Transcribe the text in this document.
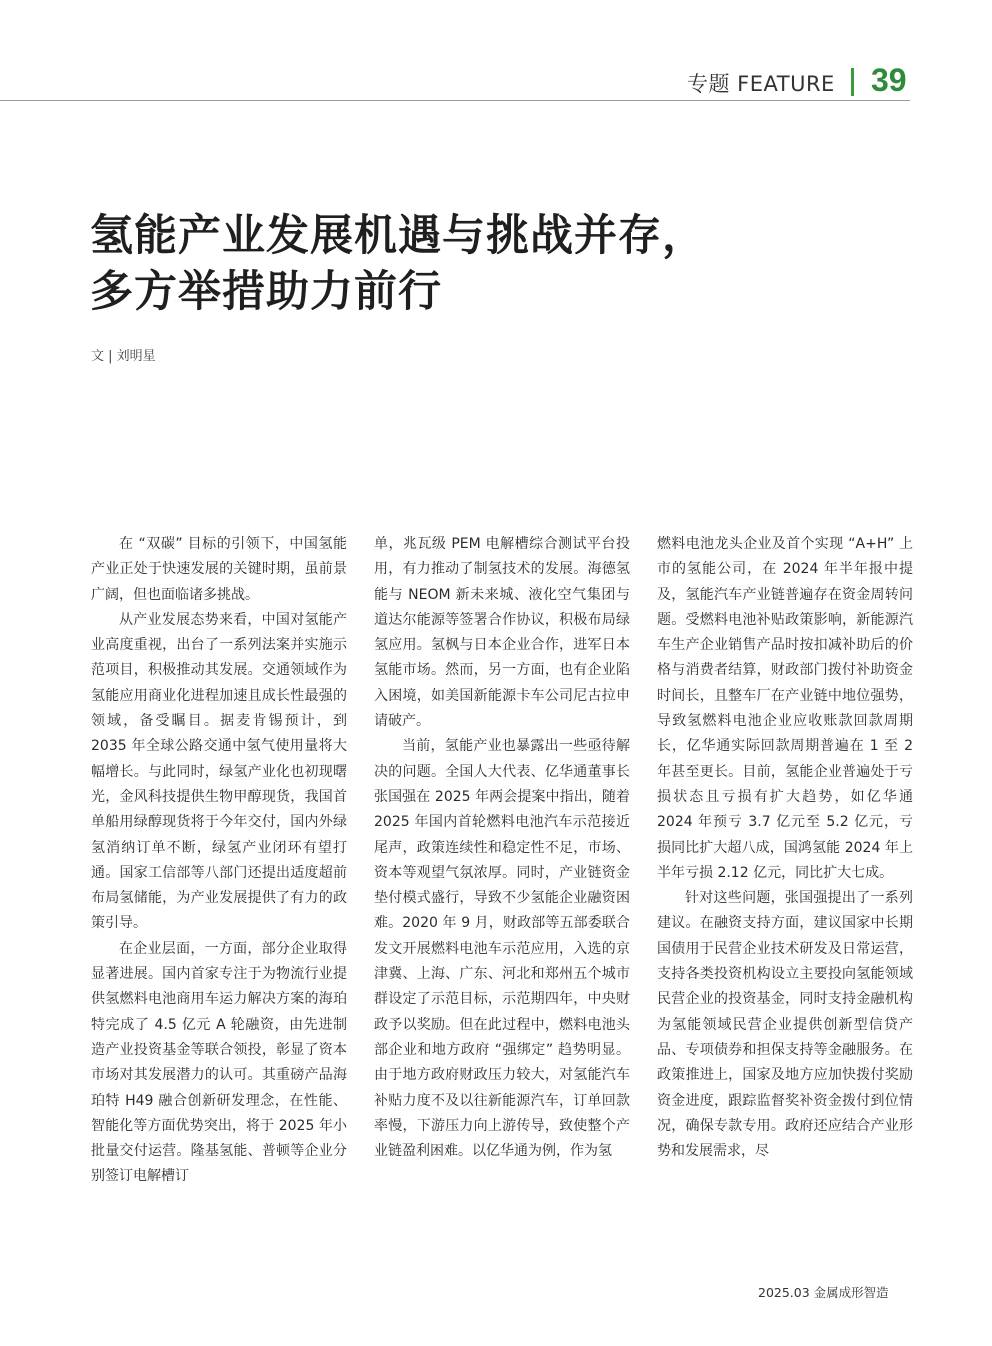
专题 FEATURE 39
氢能产业发展机遇与挑战并存，
多方举措助力前行
文 | 刘明星

在 “双碳” 目标的引领下，中国氢能产业正处于快速发展的关键时期，虽前景广阔，但也面临诸多挑战。

从产业发展态势来看，中国对氢能产业高度重视，出台了一系列法案并实施示范项目，积极推动其发展。交通领域作为氢能应用商业化进程加速且成长性最强的领域，备受瞩目。据麦肯锡预计，到 2035 年全球公路交通中氢气使用量将大幅增长。与此同时，绿氢产业化也初现曙光，金风科技提供生物甲醇现货，我国首单船用绿醇现货将于今年交付，国内外绿氢消纳订单不断，绿氢产业闭环有望打通。国家工信部等八部门还提出适度超前布局氢储能，为产业发展提供了有力的政策引导。

在企业层面，一方面，部分企业取得显著进展。国内首家专注于为物流行业提供氢燃料电池商用车运力解决方案的海珀特完成了 4.5 亿元 A 轮融资，由先进制造产业投资基金等联合领投，彰显了资本市场对其发展潜力的认可。其重磅产品海珀特 H49 融合创新研发理念，在性能、智能化等方面优势突出，将于 2025 年小批量交付运营。隆基氢能、普顿等企业分别签订电解槽订

单，兆瓦级 PEM 电解槽综合测试平台投用，有力推动了制氢技术的发展。海德氢能与 NEOM 新未来城、液化空气集团与道达尔能源等签署合作协议，积极布局绿氢应用。氢枫与日本企业合作，进军日本氢能市场。然而，另一方面，也有企业陷入困境，如美国新能源卡车公司尼古拉申请破产。

当前，氢能产业也暴露出一些亟待解决的问题。全国人大代表、亿华通董事长张国强在 2025 年两会提案中指出，随着 2025 年国内首轮燃料电池汽车示范接近尾声，政策连续性和稳定性不足，市场、资本等观望气氛浓厚。同时，产业链资金垫付模式盛行，导致不少氢能企业融资困难。2020 年 9 月，财政部等五部委联合发文开展燃料电池车示范应用，入选的京津冀、上海、广东、河北和郑州五个城市群设定了示范目标，示范期四年，中央财政予以奖励。但在此过程中，燃料电池头部企业和地方政府 “强绑定” 趋势明显。由于地方政府财政压力较大，对氢能汽车补贴力度不及以往新能源汽车，订单回款率慢，下游压力向上游传导，致使整个产业链盈利困难。以亿华通为例，作为氢

燃料电池龙头企业及首个实现 “A+H” 上市的氢能公司，在 2024 年半年报中提及，氢能汽车产业链普遍存在资金周转问题。受燃料电池补贴政策影响，新能源汽车生产企业销售产品时按扣减补助后的价格与消费者结算，财政部门拨付补助资金时间长，且整车厂在产业链中地位强势，导致氢燃料电池企业应收账款回款周期长，亿华通实际回款周期普遍在 1 至 2 年甚至更长。目前，氢能企业普遍处于亏损状态且亏损有扩大趋势，如亿华通 2024 年预亏 3.7 亿元至 5.2 亿元，亏损同比扩大超八成，国鸿氢能 2024 年上半年亏损 2.12 亿元，同比扩大七成。

针对这些问题，张国强提出了一系列建议。在融资支持方面，建议国家中长期国债用于民营企业技术研发及日常运营，支持各类投资机构设立主要投向氢能领域民营企业的投资基金，同时支持金融机构为氢能领域民营企业提供创新型信贷产品、专项债券和担保支持等金融服务。在政策推进上，国家及地方应加快拨付奖励资金进度，跟踪监督奖补资金拨付到位情况，确保专款专用。政府还应结合产业形势和发展需求，尽

2025.03 金属成形智造
